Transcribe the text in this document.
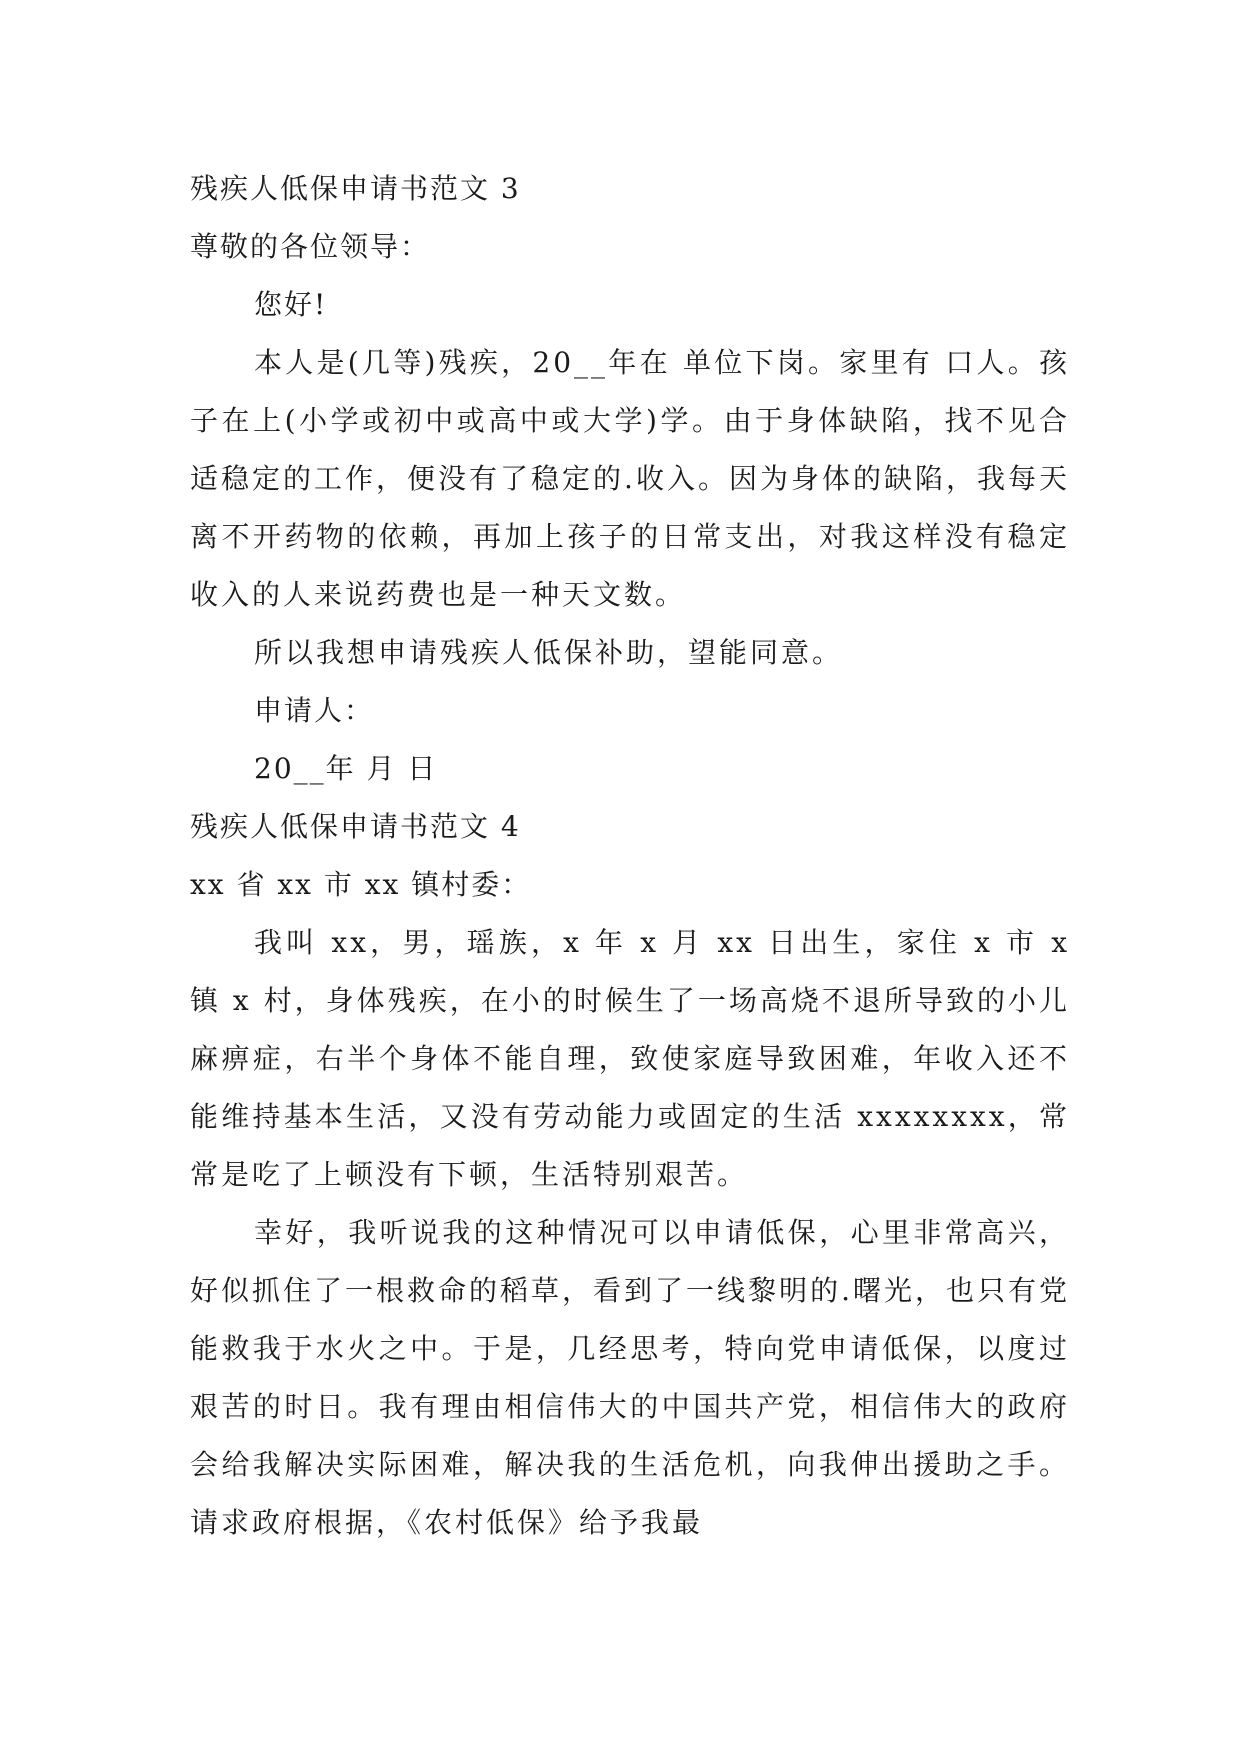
残疾人低保申请书范文 3
尊敬的各位领导：
您好!

本人是(几等)残疾，20__年在 单位下岗。家里有 口人。孩子在上(小学或初中或高中或大学)学。由于身体缺陷，找不见合适稳定的工作，便没有了稳定的.收入。因为身体的缺陷，我每天离不开药物的依赖，再加上孩子的日常支出，对我这样没有稳定收入的人来说药费也是一种天文数。

所以我想申请残疾人低保补助，望能同意。

申请人：
20__年 月 日
残疾人低保申请书范文 4
xx 省 xx 市 xx 镇村委：

我叫 xx，男，瑶族，x 年 x 月 xx 日出生，家住 x 市 x 镇 x 村，身体残疾，在小的时候生了一场高烧不退所导致的小儿麻痹症，右半个身体不能自理，致使家庭导致困难，年收入还不能维持基本生活，又没有劳动能力或固定的生活 xxxxxxxx，常常是吃了上顿没有下顿，生活特别艰苦。

幸好，我听说我的这种情况可以申请低保，心里非常高兴，好似抓住了一根救命的稻草，看到了一线黎明的.曙光，也只有党能救我于水火之中。于是，几经思考，特向党申请低保，以度过艰苦的时日。我有理由相信伟大的中国共产党，相信伟大的政府会给我解决实际困难，解决我的生活危机，向我伸出援助之手。请求政府根据，《农村低保》给予我最
